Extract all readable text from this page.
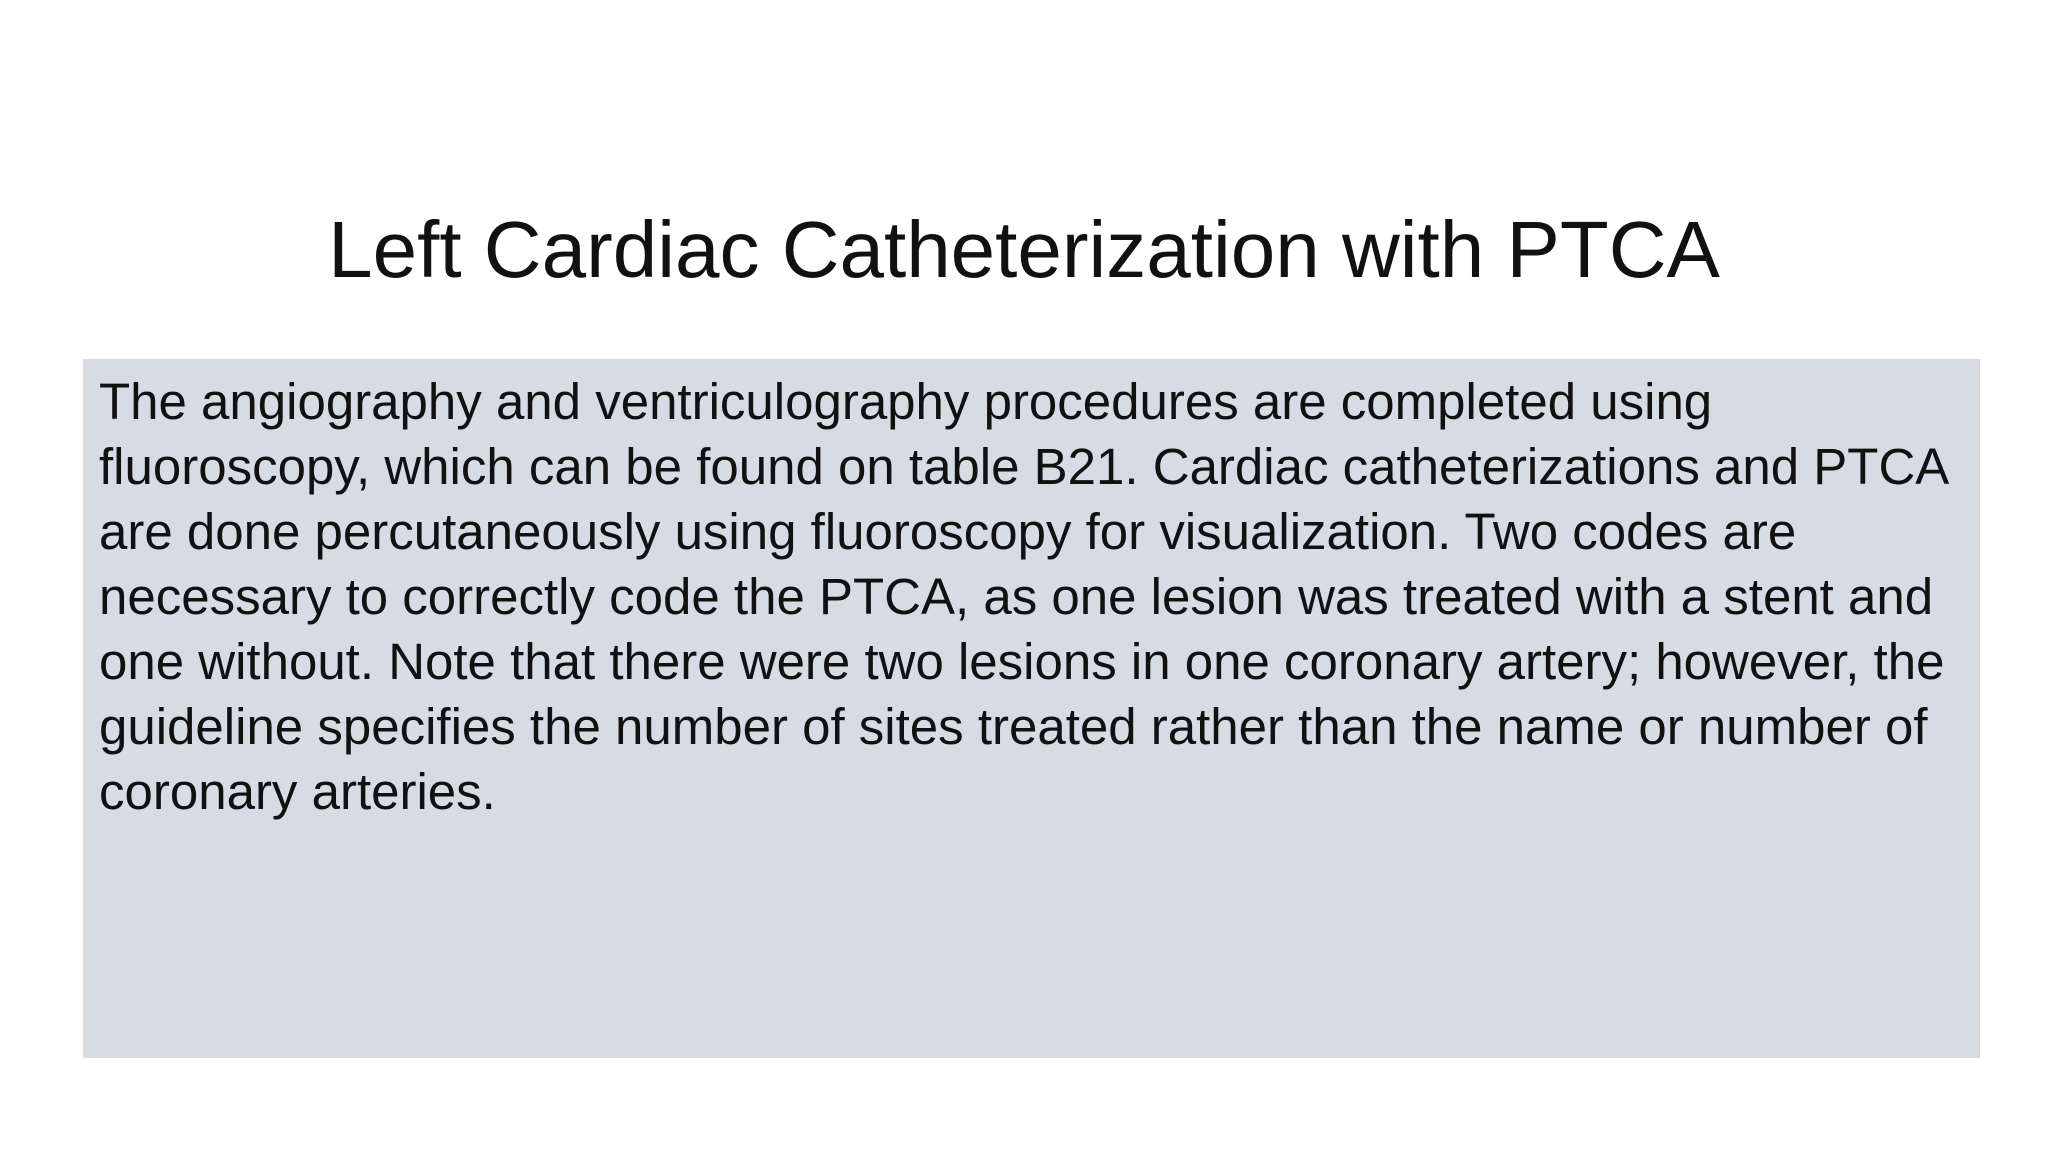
Left Cardiac Catheterization with PTCA

The angiography and ventriculography procedures are completed using fluoroscopy, which can be found on table B21. Cardiac catheterizations and PTCA are done percutaneously using fluoroscopy for visualization. Two codes are necessary to correctly code the PTCA, as one lesion was treated with a stent and one without. Note that there were two lesions in one coronary artery; however, the guideline specifies the number of sites treated rather than the name or number of coronary arteries.
